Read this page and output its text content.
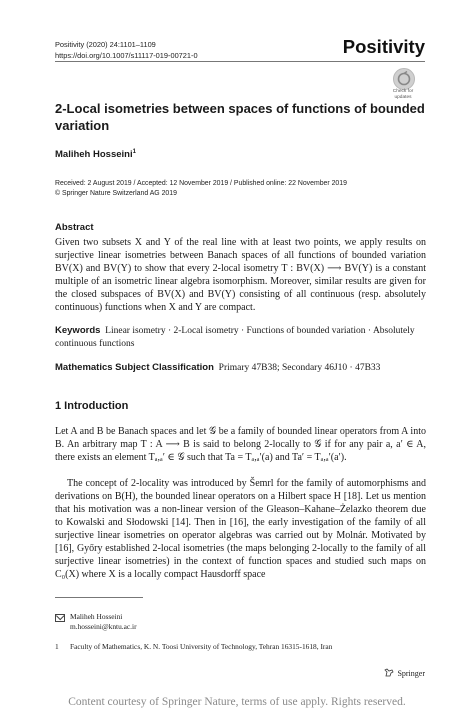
Positivity (2020) 24:1101–1109
https://doi.org/10.1007/s11117-019-00721-0	Positivity
Check for
updates
2-Local isometries between spaces of functions of bounded variation
Maliheh Hosseini$^1$
Received: 2 August 2019 / Accepted: 12 November 2019 / Published online: 22 November 2019
© Springer Nature Switzerland AG 2019
Abstract
Given two subsets X and Y of the real line with at least two points, we apply results on surjective linear isometries between Banach spaces of all functions of bounded variation BV(X) and BV(Y) to show that every 2-local isometry T : BV(X) ⟶ BV(Y) is a constant multiple of an isometric linear algebra isomorphism. Moreover, similar results are given for the closed subspaces of BV(X) and BV(Y) consisting of all continuous (resp. absolutely continuous) functions when X and Y are compact.
Keywords Linear isometry · 2-Local isometry · Functions of bounded variation · Absolutely continuous functions
Mathematics Subject Classification Primary 47B38; Secondary 46J10 · 47B33
1 Introduction
Let A and B be Banach spaces and let 𝒢 be a family of bounded linear operators from A into B. An arbitrary map T : A ⟶ B is said to belong 2-locally to 𝒢 if for any pair a, a′ ∈ A, there exists an element Tₐ,ₐ′ ∈ 𝒢 such that Ta = Tₐ,ₐ′(a) and Ta′ = Tₐ,ₐ′(a′).
The concept of 2-locality was introduced by Šemrl for the family of automorphisms and derivations on B(H), the bounded linear operators on a Hilbert space H [18]. Let us mention that his motivation was a non-linear version of the Gleason–Kahane–Żelazko theorem due to Kowalski and Słodowski [14]. Then in [16], the early investigation of the family of all surjective linear isometries on operator algebras was carried out by Molnár. Motivated by [16], Győry established 2-local isometries (the maps belonging 2-locally to the family of all surjective linear isometries) in the context of function spaces and studied such maps on C₀(X) where X is a locally compact Hausdorff space
Maliheh Hosseini
m.hosseini@kntu.ac.ir
1 Faculty of Mathematics, K. N. Toosi University of Technology, Tehran 16315-1618, Iran
Springer
Content courtesy of Springer Nature, terms of use apply. Rights reserved.
